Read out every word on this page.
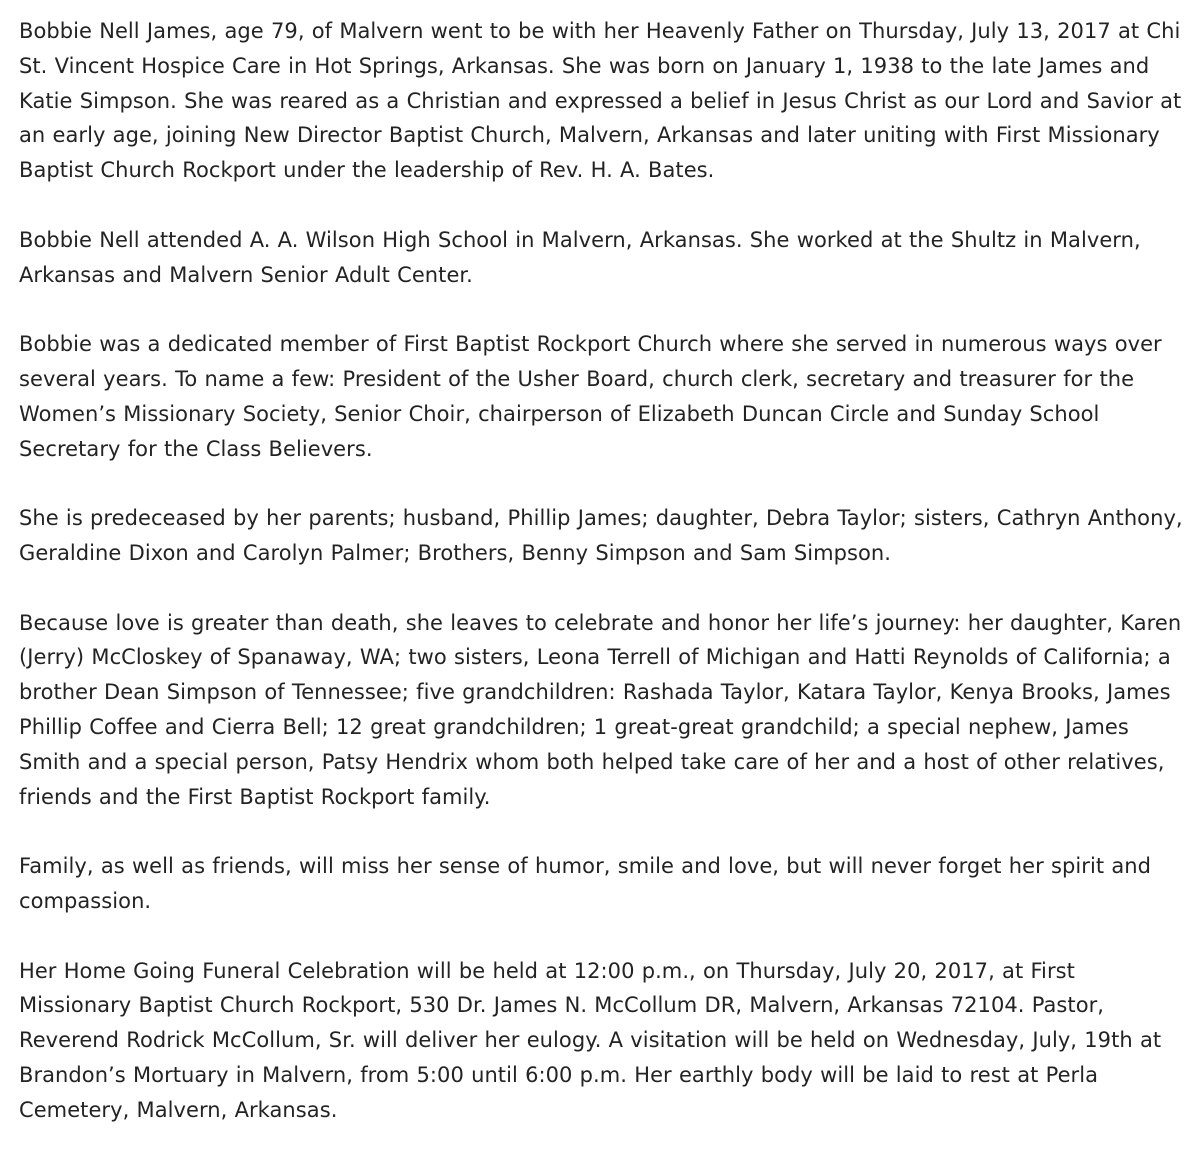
Bobbie Nell James, age 79, of Malvern went to be with her Heavenly Father on Thursday, July 13, 2017 at Chi St. Vincent Hospice Care in Hot Springs, Arkansas. She was born on January 1, 1938 to the late James and Katie Simpson. She was reared as a Christian and expressed a belief in Jesus Christ as our Lord and Savior at an early age, joining New Director Baptist Church, Malvern, Arkansas and later uniting with First Missionary Baptist Church Rockport under the leadership of Rev. H. A. Bates.

Bobbie Nell attended A. A. Wilson High School in Malvern, Arkansas. She worked at the Shultz in Malvern, Arkansas and Malvern Senior Adult Center.

Bobbie was a dedicated member of First Baptist Rockport Church where she served in numerous ways over several years. To name a few: President of the Usher Board, church clerk, secretary and treasurer for the Women’s Missionary Society, Senior Choir, chairperson of Elizabeth Duncan Circle and Sunday School Secretary for the Class Believers.

She is predeceased by her parents; husband, Phillip James; daughter, Debra Taylor; sisters, Cathryn Anthony, Geraldine Dixon and Carolyn Palmer; Brothers, Benny Simpson and Sam Simpson.

Because love is greater than death, she leaves to celebrate and honor her life’s journey: her daughter, Karen (Jerry) McCloskey of Spanaway, WA; two sisters, Leona Terrell of Michigan and Hatti Reynolds of California; a brother Dean Simpson of Tennessee; five grandchildren: Rashada Taylor, Katara Taylor, Kenya Brooks, James Phillip Coffee and Cierra Bell; 12 great grandchildren; 1 great-great grandchild; a special nephew, James Smith and a special person, Patsy Hendrix whom both helped take care of her and a host of other relatives, friends and the First Baptist Rockport family.

Family, as well as friends, will miss her sense of humor, smile and love, but will never forget her spirit and compassion.

Her Home Going Funeral Celebration will be held at 12:00 p.m., on Thursday, July 20, 2017, at First Missionary Baptist Church Rockport, 530 Dr. James N. McCollum DR, Malvern, Arkansas 72104. Pastor, Reverend Rodrick McCollum, Sr. will deliver her eulogy. A visitation will be held on Wednesday, July, 19th at Brandon’s Mortuary in Malvern, from 5:00 until 6:00 p.m. Her earthly body will be laid to rest at Perla Cemetery, Malvern, Arkansas.
